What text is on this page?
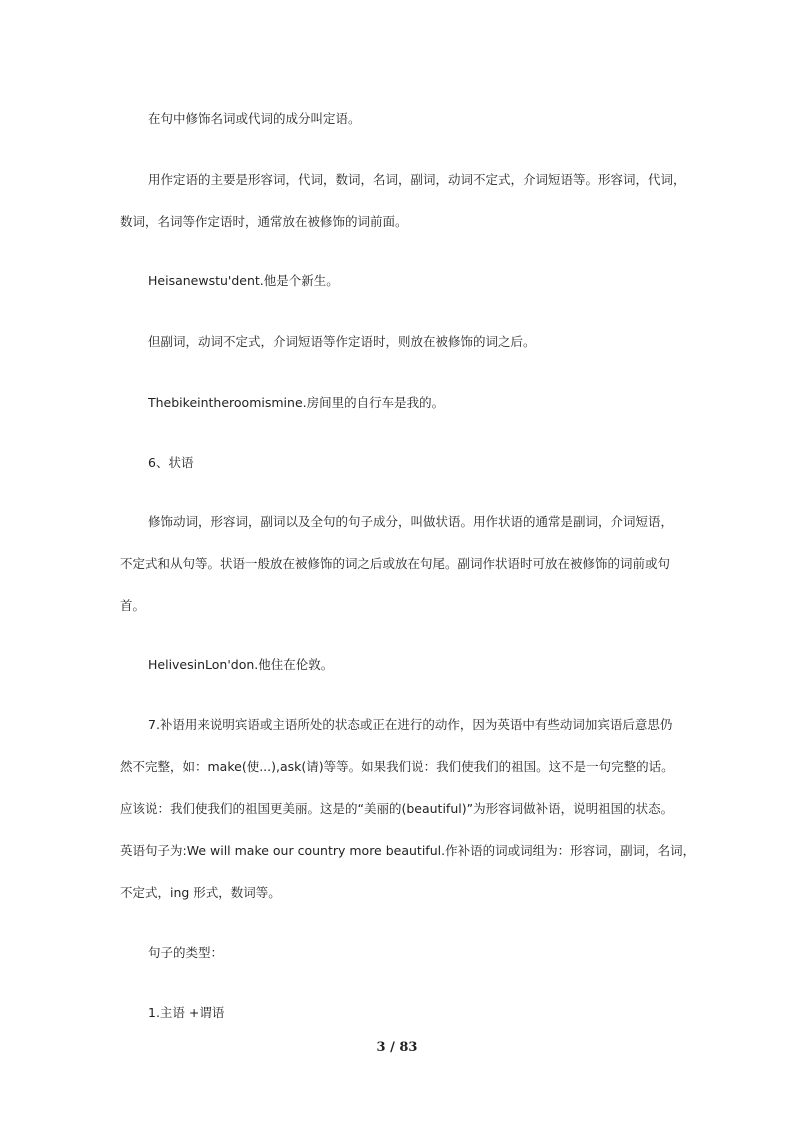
在句中修饰名词或代词的成分叫定语。
用作定语的主要是形容词，代词，数词，名词，副词，动词不定式，介词短语等。形容词，代词，
数词，名词等作定语时，通常放在被修饰的词前面。
Heisanewstu'dent.他是个新生。
但副词，动词不定式，介词短语等作定语时，则放在被修饰的词之后。
Thebikeintheroomismine.房间里的自行车是我的。
6、状语
修饰动词，形容词，副词以及全句的句子成分，叫做状语。用作状语的通常是副词，介词短语，
不定式和从句等。状语一般放在被修饰的词之后或放在句尾。副词作状语时可放在被修饰的词前或句
首。
HelivesinLon'don.他住在伦敦。
7.补语用来说明宾语或主语所处的状态或正在进行的动作，因为英语中有些动词加宾语后意思仍
然不完整，如：make(使...),ask(请)等等。如果我们说：我们使我们的祖国。这不是一句完整的话。
应该说：我们使我们的祖国更美丽。这是的“美丽的(beautiful)”为形容词做补语，说明祖国的状态。
英语句子为:We will make our country more beautiful.作补语的词或词组为：形容词，副词，名词，
不定式，ing 形式，数词等。
句子的类型：
1.主语 +谓语
3 / 83
